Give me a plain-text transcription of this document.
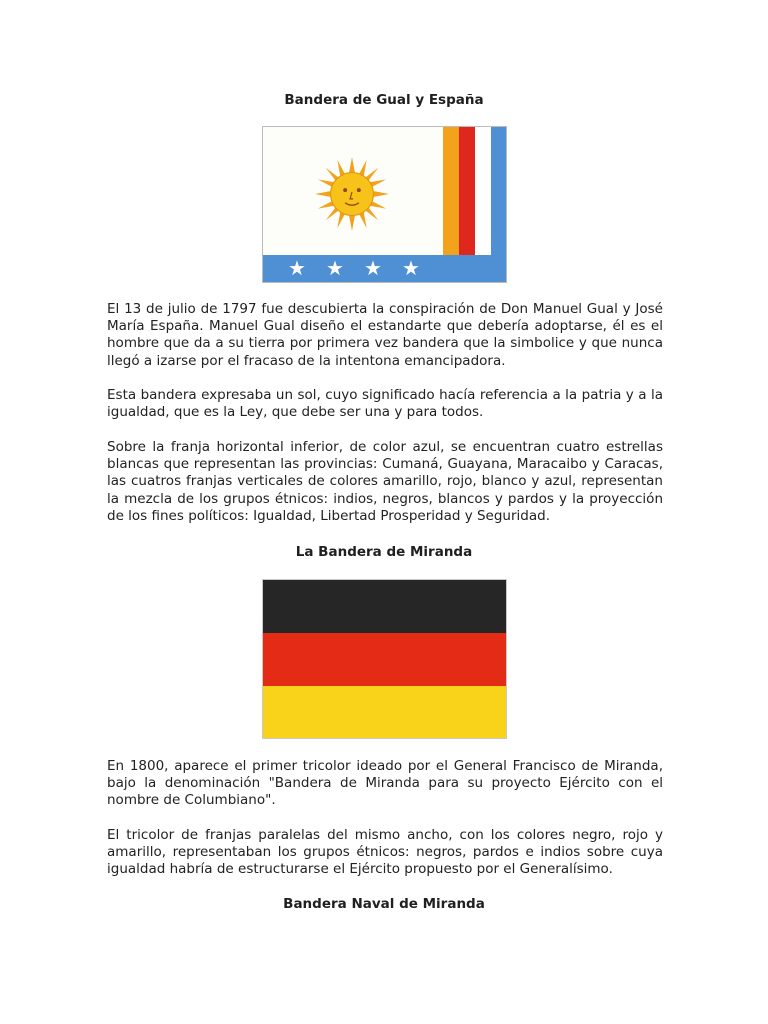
Bandera de Gual y España
★ ★ ★ ★

El 13 de julio de 1797 fue descubierta la conspiración de Don Manuel Gual y José María España. Manuel Gual diseño el estandarte que debería adoptarse, él es el hombre que da a su tierra por primera vez bandera que la simbolice y que nunca llegó a izarse por el fracaso de la intentona emancipadora.

Esta bandera expresaba un sol, cuyo significado hacía referencia a la patria y a la igualdad, que es la Ley, que debe ser una y para todos.

Sobre la franja horizontal inferior, de color azul, se encuentran cuatro estrellas blancas que representan las provincias: Cumaná, Guayana, Maracaibo y Caracas, las cuatros franjas verticales de colores amarillo, rojo, blanco y azul, representan la mezcla de los grupos étnicos: indios, negros, blancos y pardos y la proyección de los fines políticos: Igualdad, Libertad Prosperidad y Seguridad.

La Bandera de Miranda

En 1800, aparece el primer tricolor ideado por el General Francisco de Miranda, bajo la denominación "Bandera de Miranda para su proyecto Ejército con el nombre de Columbiano".

El tricolor de franjas paralelas del mismo ancho, con los colores negro, rojo y amarillo, representaban los grupos étnicos: negros, pardos e indios sobre cuya igualdad habría de estructurarse el Ejército propuesto por el Generalísimo.

Bandera Naval de Miranda
